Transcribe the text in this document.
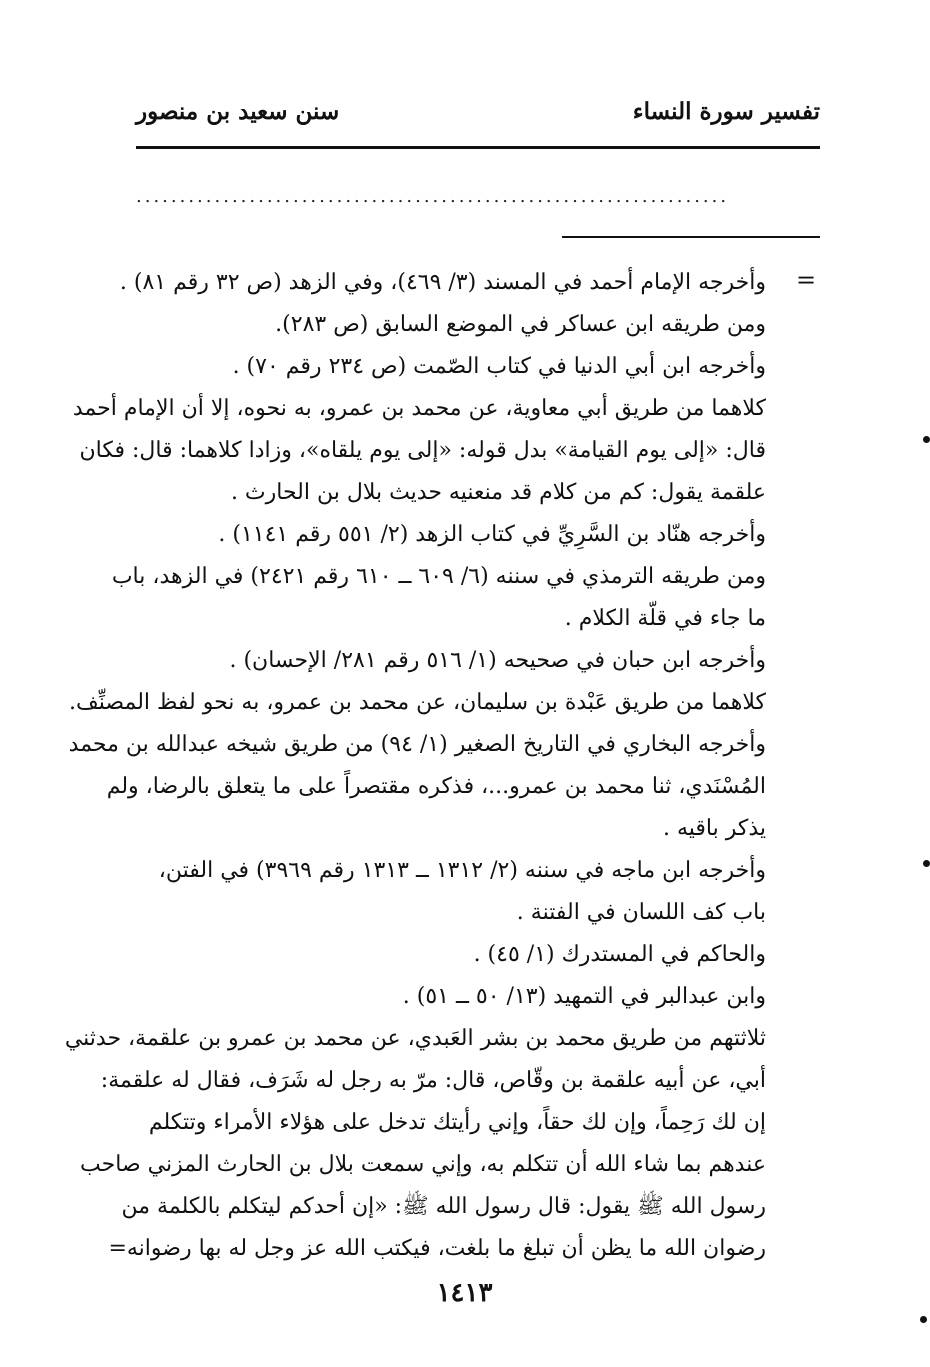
تفسير سورة النساء
سنن سعيد بن منصور
....................................................................
=

وأخرجه الإمام أحمد في المسند (٣/ ٤٦٩)، وفي الزهد (ص ٣٢ رقم ٨١) .

ومن طريقه ابن عساكر في الموضع السابق (ص ٢٨٣).

وأخرجه ابن أبي الدنيا في كتاب الصّمت (ص ٢٣٤ رقم ٧٠) .

كلاهما من طريق أبي معاوية، عن محمد بن عمرو، به نحوه، إلا أن الإمام أحمد

قال: «إلى يوم القيامة» بدل قوله: «إلى يوم يلقاه»، وزادا كلاهما: قال: فكان

علقمة يقول: كم من كلام قد منعنيه حديث بلال بن الحارث .

وأخرجه هنّاد بن السَّرِيِّ في كتاب الزهد (٢/ ٥٥١ رقم ١١٤١) .

ومن طريقه الترمذي في سننه (٦/ ٦٠٩ ــ ٦١٠ رقم ٢٤٢١) في الزهد، باب

ما جاء في قلّة الكلام .

وأخرجه ابن حبان في صحيحه (١/ ٥١٦ رقم ٢٨١/ الإحسان) .

كلاهما من طريق عَبْدة بن سليمان، عن محمد بن عمرو، به نحو لفظ المصنِّف.

وأخرجه البخاري في التاريخ الصغير (١/ ٩٤) من طريق شيخه عبدالله بن محمد

المُسْنَدي، ثنا محمد بن عمرو...، فذكره مقتصراً على ما يتعلق بالرضا، ولم

يذكر باقيه .

وأخرجه ابن ماجه في سننه (٢/ ١٣١٢ ــ ١٣١٣ رقم ٣٩٦٩) في الفتن،

باب كف اللسان في الفتنة .

والحاكم في المستدرك (١/ ٤٥) .

وابن عبدالبر في التمهيد (١٣/ ٥٠ ــ ٥١) .

ثلاثتهم من طريق محمد بن بشر العَبدي، عن محمد بن عمرو بن علقمة، حدثني

أبي، عن أبيه علقمة بن وقّاص، قال: مرّ به رجل له شَرَف، فقال له علقمة:

إن لك رَحِماً، وإن لك حقاً، وإني رأيتك تدخل على هؤلاء الأمراء وتتكلم

عندهم بما شاء الله أن تتكلم به، وإني سمعت بلال بن الحارث المزني صاحب

رسول الله ﷺ يقول: قال رسول الله ﷺ: «إن أحدكم ليتكلم بالكلمة من

رضوان الله ما يظن أن تبلغ ما بلغت، فيكتب الله عز وجل له بها رضوانه=

١٤١٣
